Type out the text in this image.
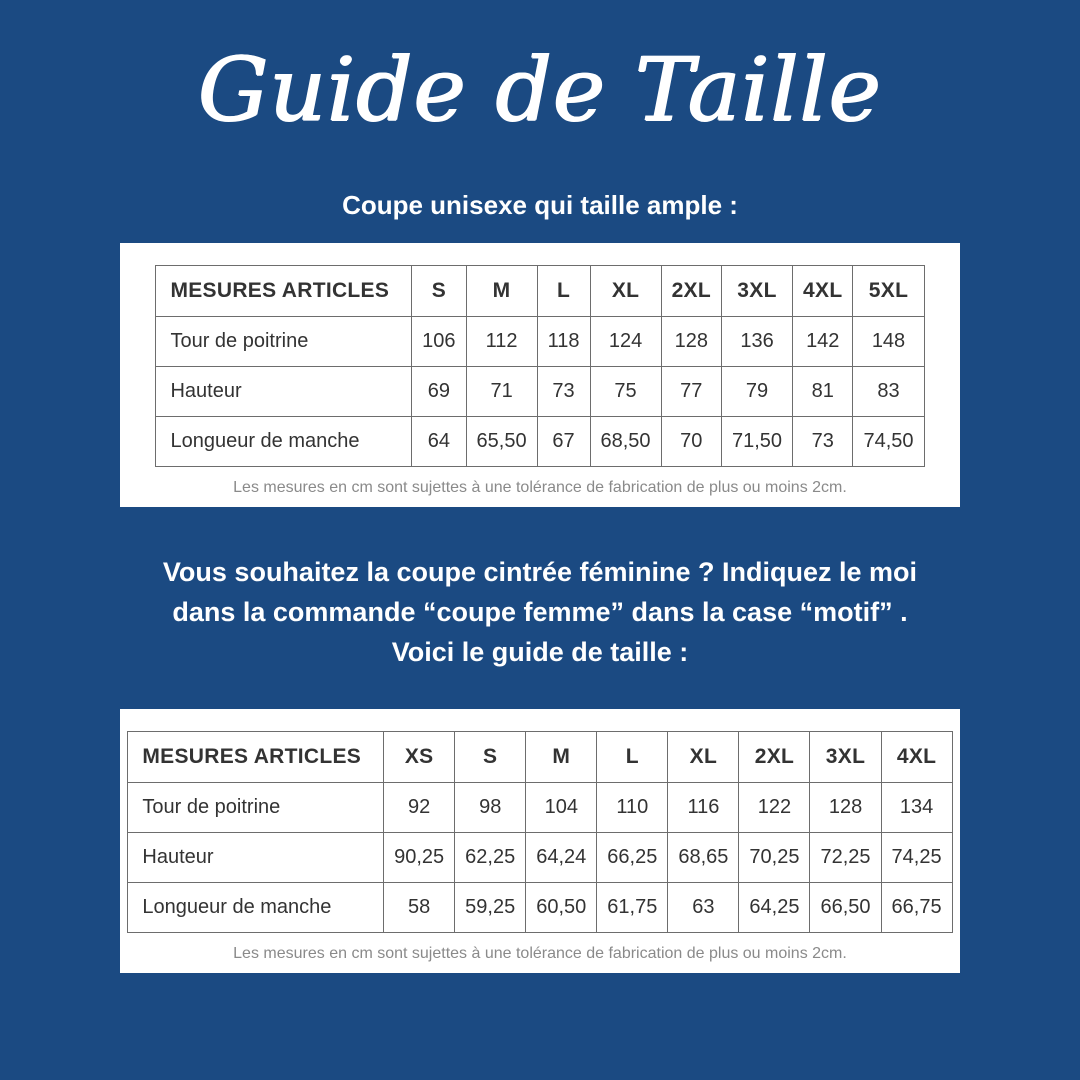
Guide de Taille
Coupe unisexe qui taille ample :
MESURES ARTICLES	S	M	L	XL	2XL	3XL	4XL	5XL
Tour de poitrine	106	112	118	124	128	136	142	148
Hauteur	69	71	73	75	77	79	81	83
Longueur de manche	64	65,50	67	68,50	70	71,50	73	74,50
Les mesures en cm sont sujettes à une tolérance de fabrication de plus ou moins 2cm.
Vous souhaitez la coupe cintrée féminine ? Indiquez le moi dans la commande “coupe femme” dans la case “motif” . Voici le guide de taille :
MESURES ARTICLES	XS	S	M	L	XL	2XL	3XL	4XL
Tour de poitrine	92	98	104	110	116	122	128	134
Hauteur	90,25	62,25	64,24	66,25	68,65	70,25	72,25	74,25
Longueur de manche	58	59,25	60,50	61,75	63	64,25	66,50	66,75
Les mesures en cm sont sujettes à une tolérance de fabrication de plus ou moins 2cm.
